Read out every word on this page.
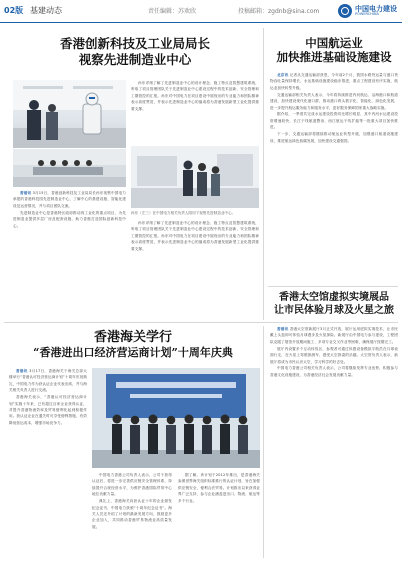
02版 基建动态	责任编辑：苏欢欣	投稿邮箱：zgdnb@sina.com	中国电力建设
POWERCHINA
香港创新科技及工业局局长
视察先进制造业中心

香港讯 3月15日，香港创新科技及工业局局长孙东视察中国电力承建的香港科技园先进制造业中心，了解中心的基建设施、智能化建设及运营情况，并与项目团队交流。

先进制造业中心是香港特区政府推动再工业化的重点项目，为先进制造业提供多层厂房及配套设施，助力香港打造国际创新科技中心。

孙东详细了解了先进制造业中心的设计理念、施工特点及智慧建筑系统，听取了项目管理团队关于先进制造业中心建设过程中的技术创新、安全管理和工期管控的汇报。孙东对中国电力在项目建设中展现出的专业能力和团队精神表示高度赞赏，并表示先进制造业中心的落成将为香港发展新型工业化提供重要支撑。

孙东（左三）在中国电力相关负责人陪同下视察先进制造业中心。

孙东详细了解了先进制造业中心的设计理念、施工特点及智慧建筑系统，听取了项目管理团队关于先进制造业中心建设过程中的技术创新、安全管理和工期管控的汇报。孙东对中国电力在项目建设中展现出的专业能力和团队精神表示高度赞赏，并表示先进制造业中心的落成将为香港发展新型工业化提供重要支撑。

中国航运业
加快推进基础设施建设

北京讯 记者从交通运输部获悉，今年前2个月，我国水路货运量与港口货物吞吐量保持增长，水运基础设施建设稳步推进，重点工程建设有序实施，航运业加快转型升级。

交通运输部相关负责人表示，今年将持续推进内河航运、沿海港口和航道建设，加快建设现代化港口群，推动港口码头数字化、智能化、绿色化发展，进一步提升航运服务能力和服务水平，更好服务保障国家重大战略实施。

据介绍，一季度共完成水运建设投资同比增长明显，其中内河水运建设投资增速较快，长江干线航道整治、西江航运干线扩能等一批重大项目加快推进。

下一步，交通运输部将继续推动航运业转型升级，加强港口航道设施建设，推进航运绿色低碳发展，加快建设交通强国。

香港太空馆虚拟实境展品
让市民体验月球及火星之旅

香港讯 香港太空馆新展厅3月正式开放，展厅运用虚拟实境技术，让市民戴上头盔即可体验月球漫步及火星探险。新展厅由中国电力参与建设，工程团队克服了展馆开放期间施工、多项专业交叉作业等困难，确保展厅按期完工。

展厅内设置多个互动体验区，参观者可通过体感设备模拟宇航员在月球表面行走，在火星上驾驶探测车，感受太空探索的乐趣。太空馆负责人表示，新展厅将成为市民认识太空、学习科学的好去处。

中国电力香港公司相关负责人表示，公司将继续发挥专业优势，积极参与香港文化设施建设，为香港经济社会发展贡献力量。

香港海关学行
“香港进出口经济营运商计划”十周年庆典

香港讯 3月17日，香港海关于海关总部大楼举行“香港认可经济营运商计划”十周年庆祝典礼，中国电力作为获认证企业代表出席，并与海关相关负责人进行交流。

香港海关表示，“香港认可经济营运商计划”实施十年来，已有超过百家企业获得认证，对提升香港物流效率及贸易便利化起到积极作用。获认证企业在通关时可享受便利措施，有效降低营运成本，增强市场竞争力。

中国电力香港公司负责人表示，公司于获得认证后，将进一步完善供应链安全管理体系，持续提升合规经营水平，为维护香港国际贸易中心地位贡献力量。

典礼上，香港海关向获认证十年的企业颁发纪念证书，中国电力获颁“十周年纪念证书”。海关人员还介绍了计划的最新发展方向，鼓励更多企业加入，共同推动香港贸易物流业高质量发展。

据了解，该计划于2012年推出，是香港海关参照世界海关组织标准推行的认证计划，旨在加强供应链安全，便利合法贸易。计划推出以来获得业界广泛支持，参与企业涵盖进出口、物流、航运等多个行业。
